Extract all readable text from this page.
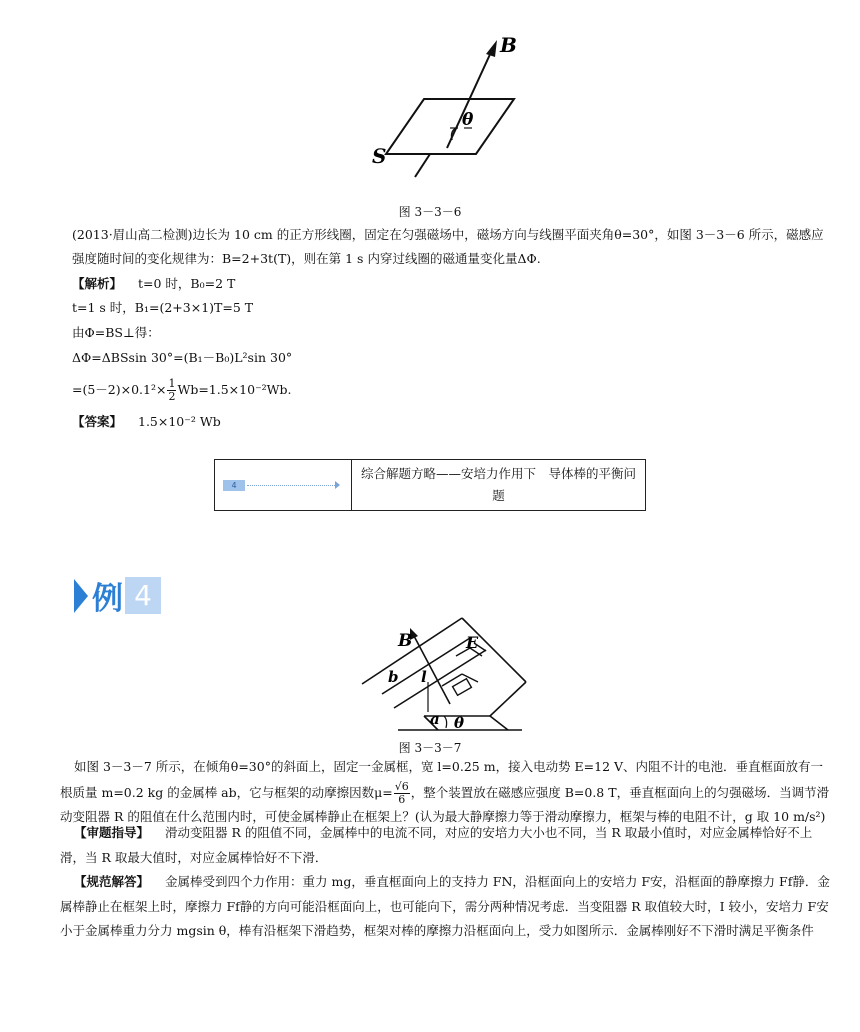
B
θ
S
图 3－3－6
(2013·眉山高二检测)边长为 10 cm 的正方形线圈，固定在匀强磁场中，磁场方向与线圈平面夹角θ=30°，如图 3－3－6 所示，磁感应
强度随时间的变化规律为：B=2+3t(T)，则在第 1 s 内穿过线圈的磁通量变化量ΔΦ.
【解析】 t=0 时，B₀=2 T
t=1 s 时，B₁=(2+3×1)T=5 T
由Φ=BS⊥得：
ΔΦ=ΔBSsin 30°=(B₁－B₀)L²sin 30°
$=(5-2)\times 0.1^2\times \frac{1}{2} Wb=1.5\times 10^{-2}Wb$.
【答案】 1.5×10⁻² Wb
4

综合解题方略——安培力作用下　导体棒的平衡问
题
例 4
B	E
b l
a θ
图 3－3－7
如图 3－3－7 所示，在倾角θ=30°的斜面上，固定一金属框，宽 l=0.25 m，接入电动势 E=12 V、内阻不计的电池．垂直框面放有一
根质量 m=0.2 kg 的金属棒 ab，它与框架的动摩擦因数$\mu= \frac{√6}{6}$ ，整个装置放在磁感应强度 B=0.8 T，垂直框面向上的匀强磁场．当调节滑
动变阻器 R 的阻值在什么范围内时，可使金属棒静止在框架上？(认为最大静摩擦力等于滑动摩擦力，框架与棒的电阻不计，g 取 10 m/s²)
【审题指导】 滑动变阻器 R 的阻值不同，金属棒中的电流不同，对应的安培力大小也不同，当 R 取最小值时，对应金属棒恰好不上
滑，当 R 取最大值时，对应金属棒恰好不下滑．
【规范解答】 金属棒受到四个力作用：重力 mg，垂直框面向上的支持力 FN，沿框面向上的安培力 F安，沿框面的静摩擦力 Ff静．金
属棒静止在框架上时，摩擦力 Ff静的方向可能沿框面向上，也可能向下，需分两种情况考虑．当变阻器 R 取值较大时，I 较小，安培力 F安
小于金属棒重力分力 mgsin θ，棒有沿框架下滑趋势，框架对棒的摩擦力沿框面向上，受力如图所示．金属棒刚好不下滑时满足平衡条件
